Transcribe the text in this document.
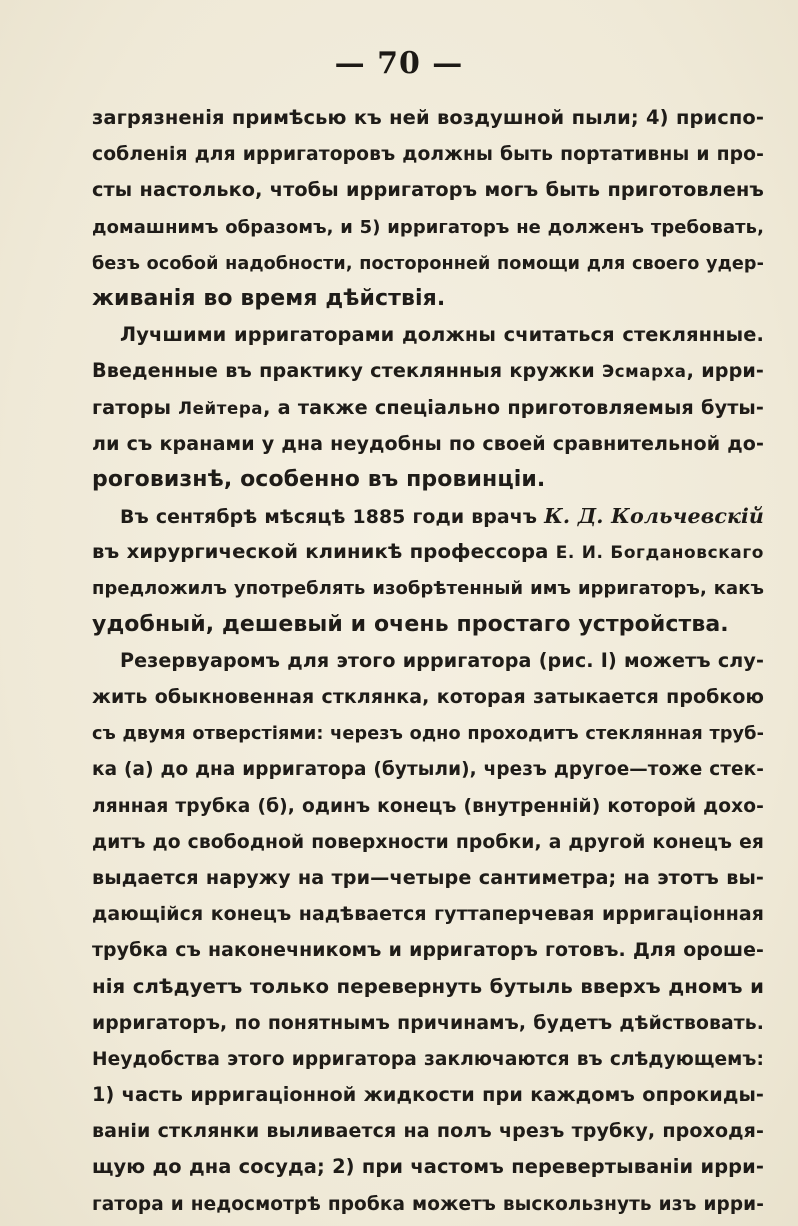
— 70 —
загрязненія примѣсью къ ней воздушной пыли; 4) приспо-
собленія для ирригаторовъ должны быть портативны и про-
сты настолько, чтобы ирригаторъ могъ быть приготовленъ
домашнимъ образомъ, и 5) ирригаторъ не долженъ требовать,
безъ особой надобности, посторонней помощи для своего удер-
живанія во время дѣйствія.
Лучшими ирригаторами должны считаться стеклянные.
Введенные въ практику стеклянныя кружки Эсмарха, ирри-
гаторы Лейтера, а также спеціально приготовляемыя буты-
ли съ кранами у дна неудобны по своей сравнительной до-
роговизнѣ, особенно въ провинціи.
Въ сентябрѣ мѣсяцѣ 1885 годи врачъ К. Д. Кольчевскій
въ хирургической клиникѣ профессора Е. И. Богдановскаго
предложилъ употреблять изобрѣтенный имъ ирригаторъ, какъ
удобный, дешевый и очень простаго устройства.
Резервуаромъ для этого ирригатора (рис. I) можетъ слу-
жить обыкновенная стклянка, которая затыкается пробкою
съ двумя отверстіями: черезъ одно проходитъ стеклянная труб-
ка (а) до дна ирригатора (бутыли), чрезъ другое—тоже стек-
лянная трубка (б), одинъ конецъ (внутренній) которой дохо-
дитъ до свободной поверхности пробки, а другой конецъ ея
выдается наружу на три—четыре сантиметра; на этотъ вы-
дающійся конецъ надѣвается гуттаперчевая ирригаціонная
трубка съ наконечникомъ и ирригаторъ готовъ. Для ороше-
нія слѣдуетъ только перевернуть бутыль вверхъ дномъ и
ирригаторъ, по понятнымъ причинамъ, будетъ дѣйствовать.
Неудобства этого ирригатора заключаются въ слѣдующемъ:
1) часть ирригаціонной жидкости при каждомъ опрокиды-
ваніи стклянки выливается на полъ чрезъ трубку, проходя-
щую до дна сосуда; 2) при частомъ перевертываніи ирри-
гатора и недосмотрѣ пробка можетъ выскользнуть изъ ирри-
